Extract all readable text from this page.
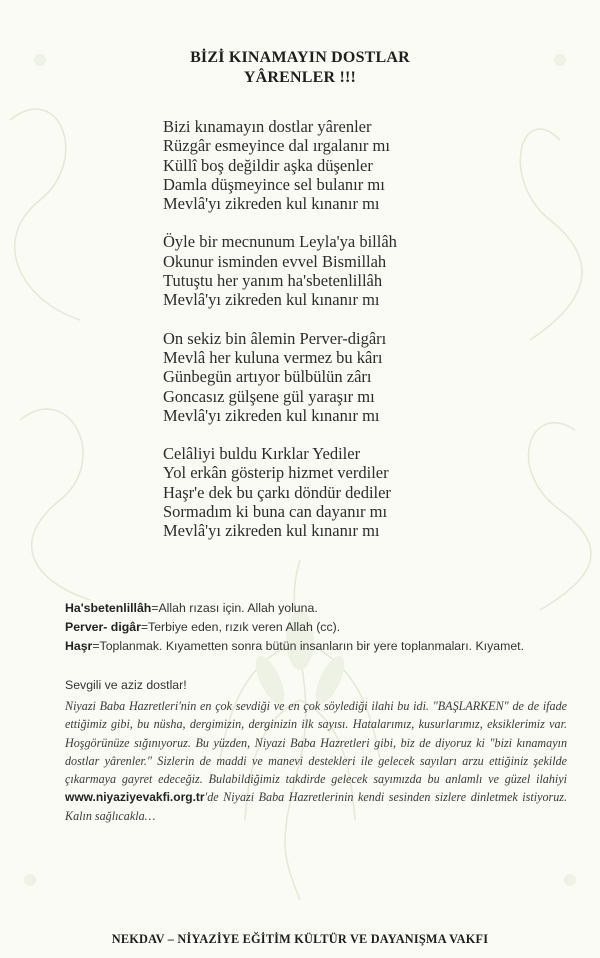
BİZİ KINAMAYIN DOSTLAR
YÂRENLER !!!
Bizi kınamayın dostlar yârenler
Rüzgâr esmeyince dal ırgalanır mı
Küllî boş değildir aşka düşenler
Damla düşmeyince sel bulanır mı
Mevlâ'yı zikreden kul kınanır mı
Öyle bir mecnunum Leyla'ya billâh
Okunur isminden evvel Bismillah
Tutuştu her yanım ha'sbetenlillâh
Mevlâ'yı zikreden kul kınanır mı
On sekiz bin âlemin Perver-digârı
Mevlâ her kuluna vermez bu kârı
Günbegün artıyor bülbülün zârı
Goncasız gülşene gül yaraşır mı
Mevlâ'yı zikreden kul kınanır mı
Celâliyi buldu Kırklar Yediler
Yol erkân gösterip hizmet verdiler
Haşr'e dek bu çarkı döndür dediler
Sormadım ki buna can dayanır mı
Mevlâ'yı zikreden kul kınanır mı
Ha'sbetenlillâh=Allah rızası için. Allah yoluna.
Perver- digâr=Terbiye eden, rızık veren Allah (cc).
Haşr=Toplanmak. Kıyametten sonra bütün insanların bir yere toplanmaları. Kıyamet.
Sevgili ve aziz dostlar!
Niyazi Baba Hazretleri'nin en çok sevdiği ve en çok söylediği ilahi bu idi. "BAŞLARKEN" de de ifade ettiğimiz gibi, bu nüsha, dergimizin, derginizin ilk sayısı. Hatalarımız, kusurlarımız, eksiklerimiz var. Hoşgörünüze sığınıyoruz. Bu yüzden, Niyazi Baba Hazretleri gibi, biz de diyoruz ki "bizi kınamayın dostlar yârenler." Sizlerin de maddi ve manevi destekleri ile gelecek sayıları arzu ettiğiniz şekilde çıkarmaya gayret edeceğiz. Bulabildiğimiz takdirde gelecek sayımızda bu anlamlı ve güzel ilahiyi www.niyaziyevakfi.org.tr'de Niyazi Baba Hazretlerinin kendi sesinden sizlere dinletmek istiyoruz. Kalın sağlıcakla…
NEKDAV – NİYAZİYE EĞİTİM KÜLTÜR VE DAYANIŞMA VAKFI
